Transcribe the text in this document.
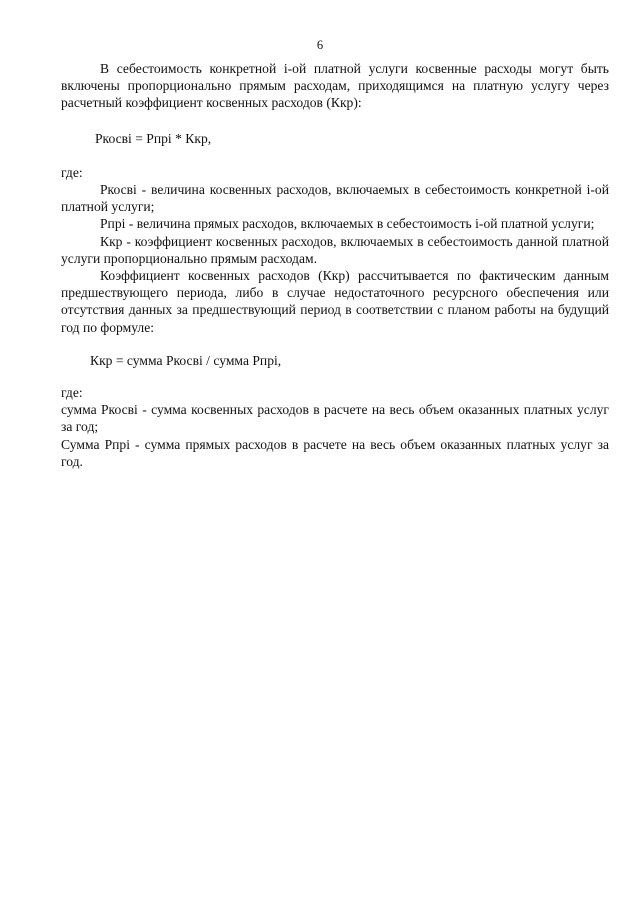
6

В себестоимость конкретной i-ой платной услуги косвенные расходы могут быть включены пропорционально прямым расходам, приходящимся на платную услугу через расчетный коэффициент косвенных расходов (Ккр):

Ркосвi = Рпрi * Ккр,

где:

Ркосвi - величина косвенных расходов, включаемых в себестоимость конкретной i-ой платной услуги;

Рпрi - величина прямых расходов, включаемых в себестоимость i-ой платной услуги;

Ккр - коэффициент косвенных расходов, включаемых в себестоимость данной платной услуги пропорционально прямым расходам.

Коэффициент косвенных расходов (Ккр) рассчитывается по фактическим данным предшествующего периода, либо в случае недостаточного ресурсного обеспечения или отсутствия данных за предшествующий период в соответствии с планом работы на будущий год по формуле:

Ккр = сумма Ркосвi / сумма Рпрi,

где:

сумма Ркосвi - сумма косвенных расходов в расчете на весь объем оказанных платных услуг за год;

Сумма Рпрi - сумма прямых расходов в расчете на весь объем оказанных платных услуг за год.
